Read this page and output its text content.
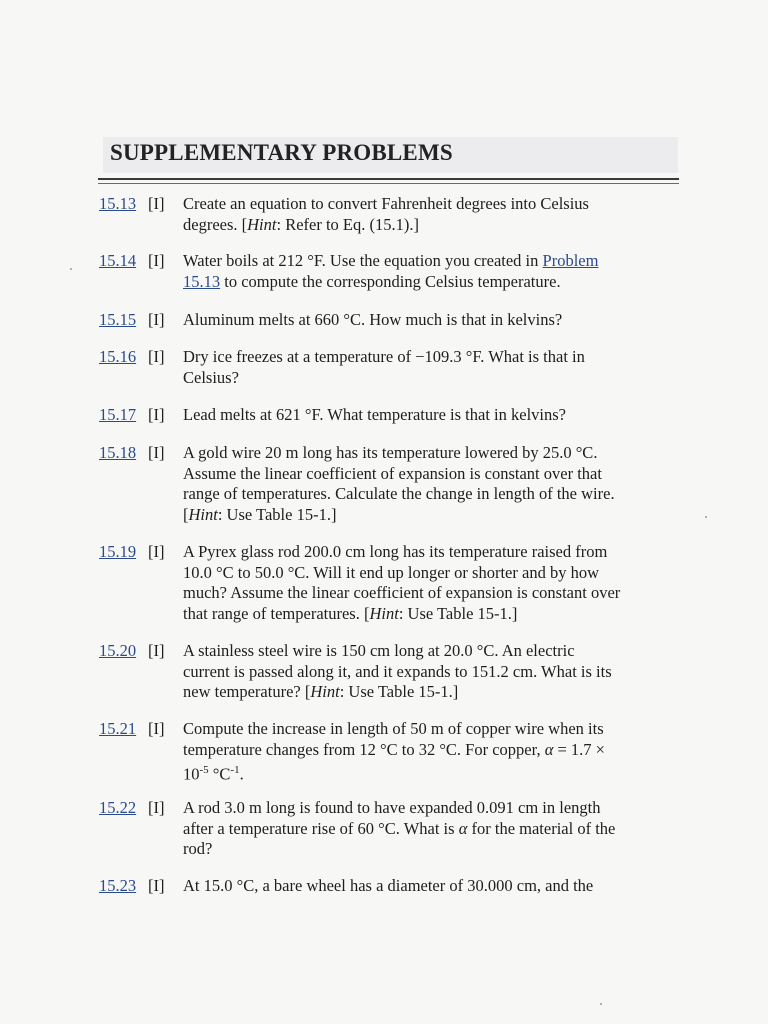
SUPPLEMENTARY PROBLEMS
15.13 [I] Create an equation to convert Fahrenheit degrees into Celsius
degrees. [Hint: Refer to Eq. (15.1).]
15.14 [I] Water boils at 212 °F. Use the equation you created in Problem
15.13 to compute the corresponding Celsius temperature.
15.15 [I] Aluminum melts at 660 °C. How much is that in kelvins?
15.16 [I] Dry ice freezes at a temperature of −109.3 °F. What is that in
Celsius?
15.17 [I] Lead melts at 621 °F. What temperature is that in kelvins?
15.18 [I] A gold wire 20 m long has its temperature lowered by 25.0 °C.
Assume the linear coefficient of expansion is constant over that
range of temperatures. Calculate the change in length of the wire.
[Hint: Use Table 15-1.]
15.19 [I] A Pyrex glass rod 200.0 cm long has its temperature raised from
10.0 °C to 50.0 °C. Will it end up longer or shorter and by how
much? Assume the linear coefficient of expansion is constant over
that range of temperatures. [Hint: Use Table 15-1.]
15.20 [I] A stainless steel wire is 150 cm long at 20.0 °C. An electric
current is passed along it, and it expands to 151.2 cm. What is its
new temperature? [Hint: Use Table 15-1.]
15.21 [I] Compute the increase in length of 50 m of copper wire when its
temperature changes from 12 °C to 32 °C. For copper, α = 1.7 ×
$10^{-5}$ $^\circ C^{-1}$.
15.22 [I] A rod 3.0 m long is found to have expanded 0.091 cm in length
after a temperature rise of 60 °C. What is α for the material of the
rod?
15.23 [I] At 15.0 °C, a bare wheel has a diameter of 30.000 cm, and the
